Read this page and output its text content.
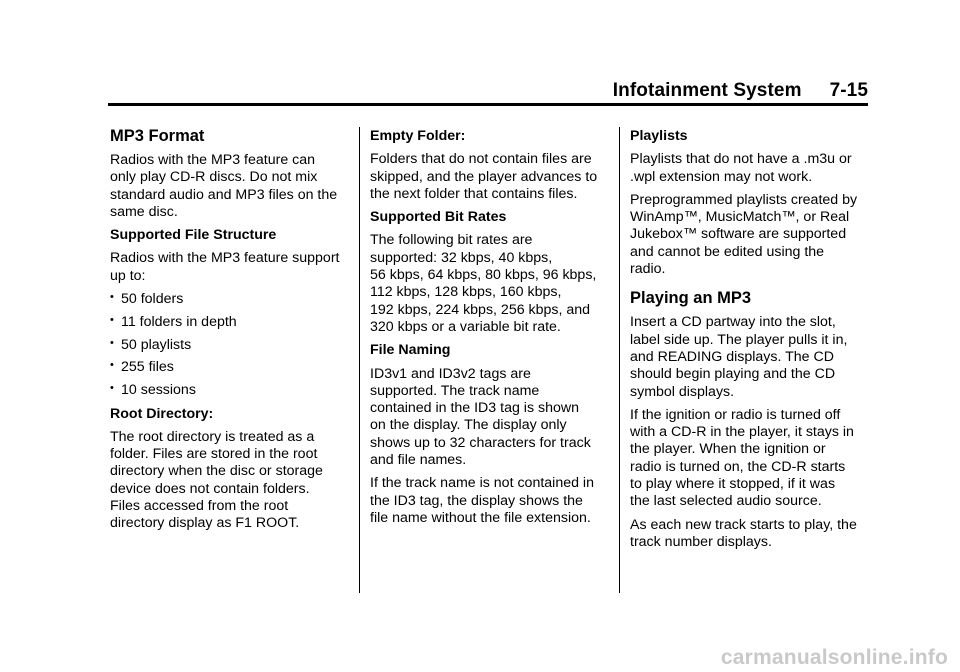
Infotainment System 7-15
MP3 Format
Radios with the MP3 feature can
only play CD-R discs. Do not mix
standard audio and MP3 files on the
same disc.
Supported File Structure
Radios with the MP3 feature support
up to:
• 50 folders
• 11 folders in depth
• 50 playlists
• 255 files
• 10 sessions
Root Directory:
The root directory is treated as a
folder. Files are stored in the root
directory when the disc or storage
device does not contain folders.
Files accessed from the root
directory display as F1 ROOT.
Empty Folder:
Folders that do not contain files are
skipped, and the player advances to
the next folder that contains files.
Supported Bit Rates
The following bit rates are
supported: 32 kbps, 40 kbps,
56 kbps, 64 kbps, 80 kbps, 96 kbps,
112 kbps, 128 kbps, 160 kbps,
192 kbps, 224 kbps, 256 kbps, and
320 kbps or a variable bit rate.
File Naming
ID3v1 and ID3v2 tags are
supported. The track name
contained in the ID3 tag is shown
on the display. The display only
shows up to 32 characters for track
and file names.
If the track name is not contained in
the ID3 tag, the display shows the
file name without the file extension.
Playlists
Playlists that do not have a .m3u or
.wpl extension may not work.
Preprogrammed playlists created by
WinAmp™, MusicMatch™, or Real
Jukebox™ software are supported
and cannot be edited using the
radio.
Playing an MP3
Insert a CD partway into the slot,
label side up. The player pulls it in,
and READING displays. The CD
should begin playing and the CD
symbol displays.
If the ignition or radio is turned off
with a CD-R in the player, it stays in
the player. When the ignition or
radio is turned on, the CD-R starts
to play where it stopped, if it was
the last selected audio source.
As each new track starts to play, the
track number displays.
carmanualsonline.info
